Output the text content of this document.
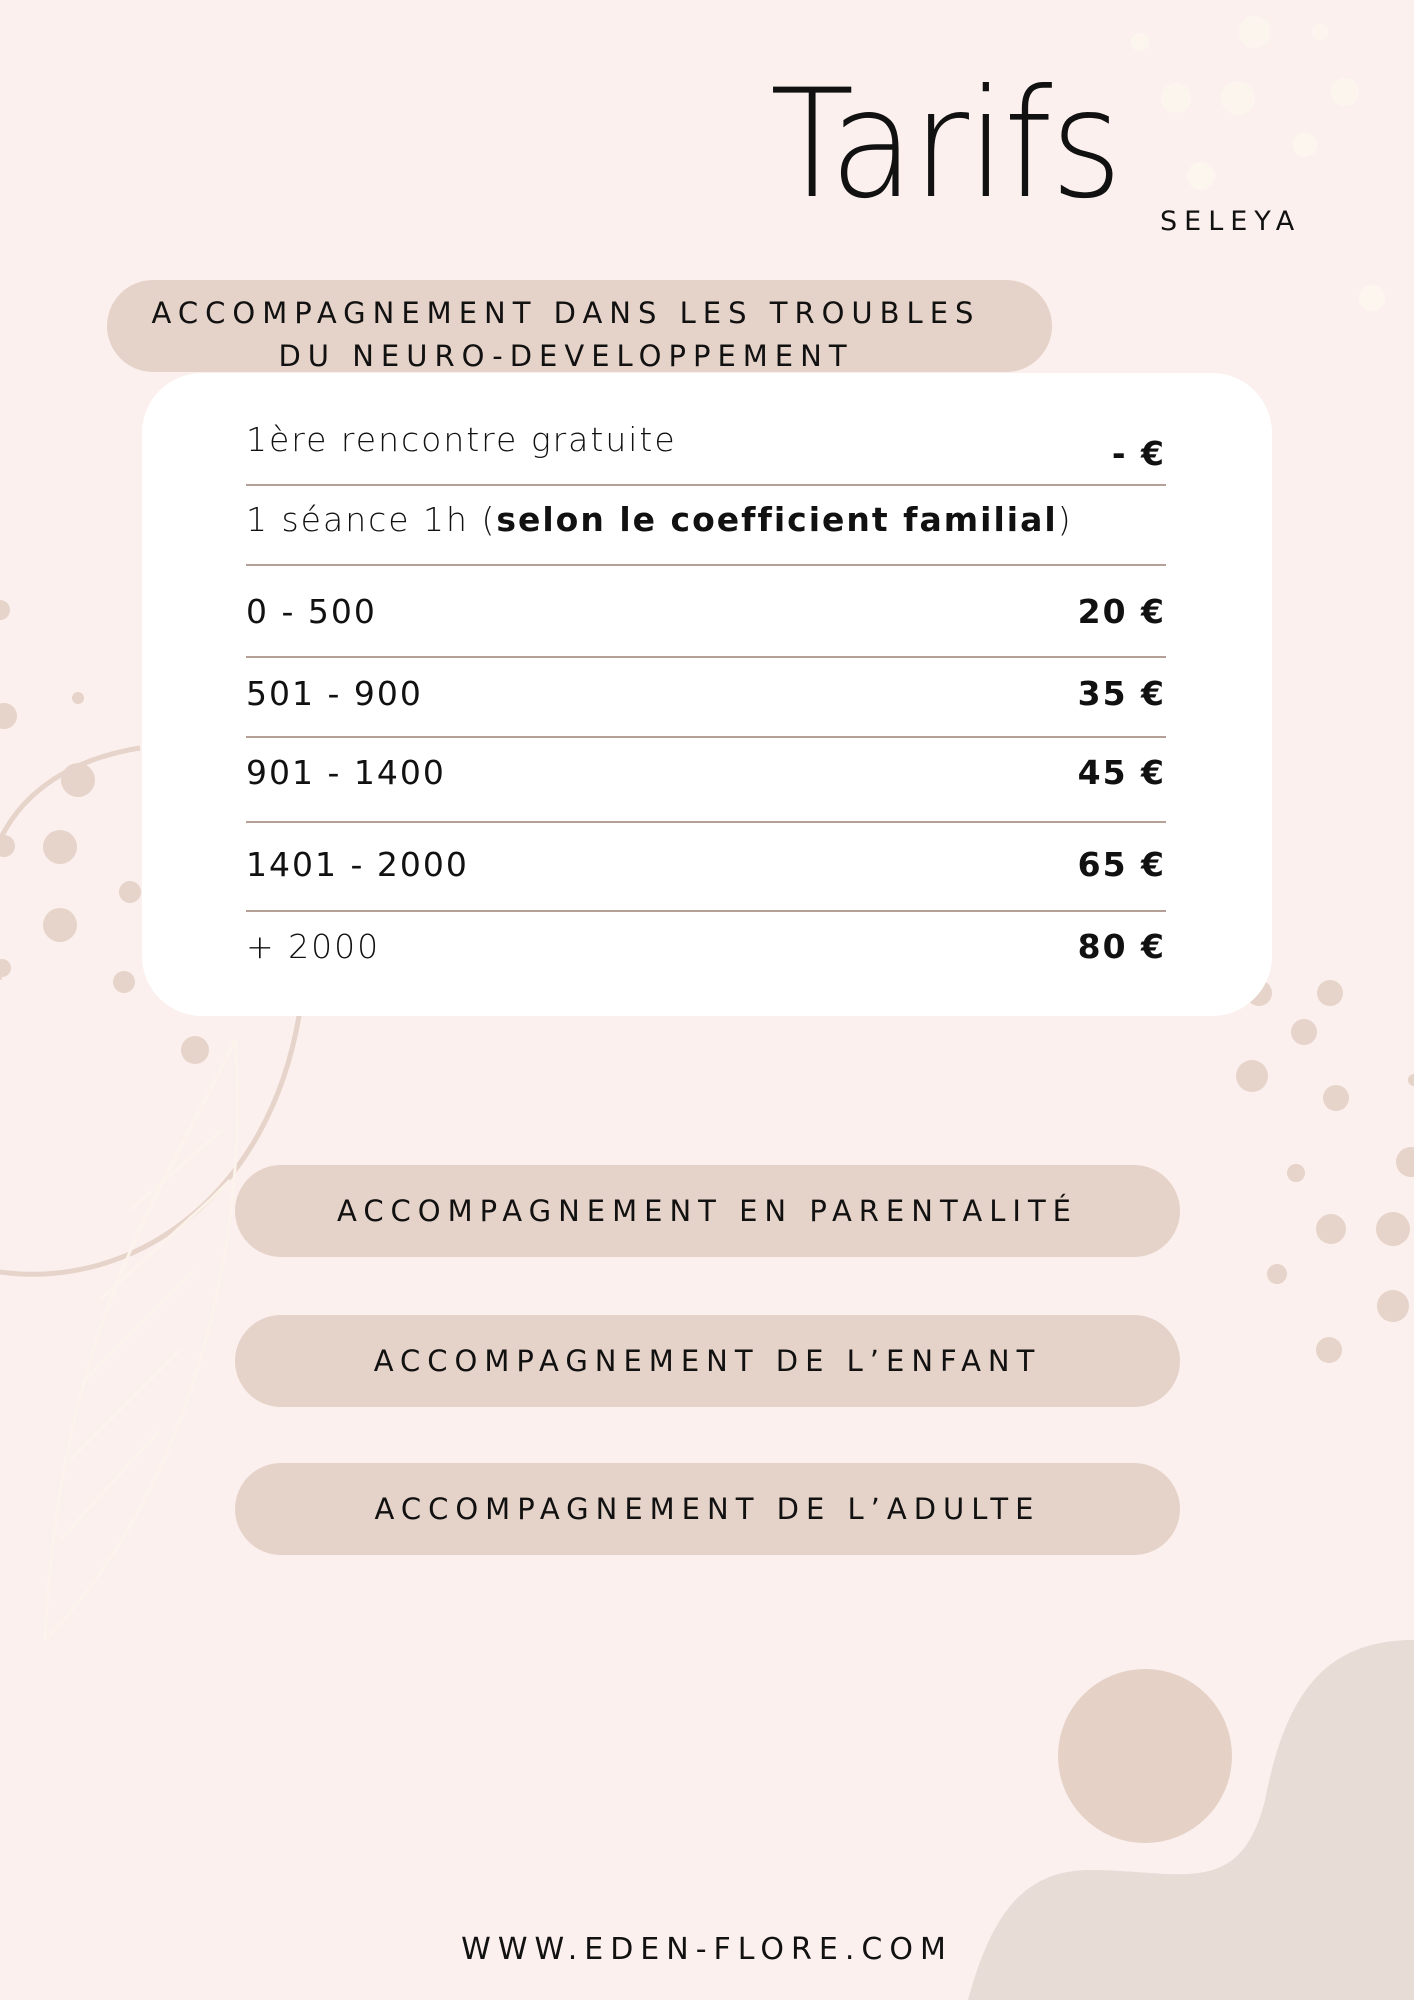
Tarifs SELEYA
ACCOMPAGNEMENT DANS LES TROUBLES
DU NEURO-DEVELOPPEMENT
1ère rencontre gratuite	- €
1 séance 1h (selon le coefficient familial)
0 - 500	20 €
501 - 900	35 €
901 - 1400	45 €
1401 - 2000	65 €
+ 2000	80 €
ACCOMPAGNEMENT EN PARENTALITÉ
ACCOMPAGNEMENT DE L’ENFANT
ACCOMPAGNEMENT DE L’ADULTE
WWW.EDEN-FLORE.COM
